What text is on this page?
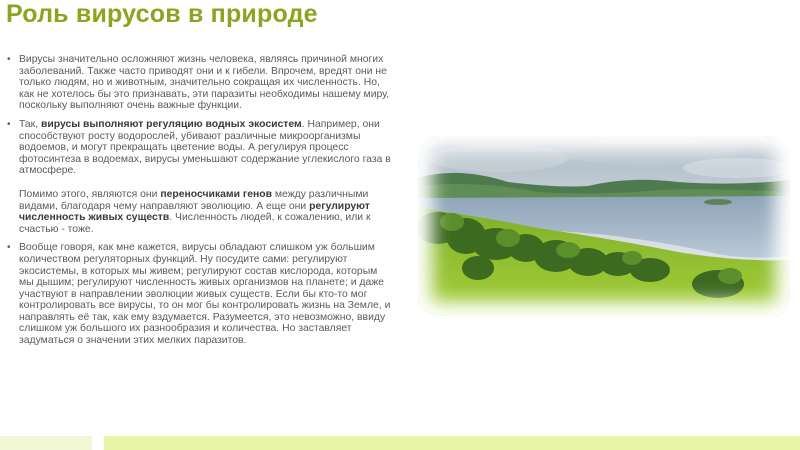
Роль вирусов в природе
• Вирусы значительно осложняют жизнь человека, являясь причиной многих заболеваний. Также часто приводят они и к гибели. Впрочем, вредят они не только людям, но и животным, значительно сокращая их численность. Но, как не хотелось бы это признавать, эти паразиты необходимы нашему миру, поскольку выполняют очень важные функции.

• Так, вирусы выполняют регуляцию водных экосистем. Например, они способствуют росту водорослей, убивают различные микроорганизмы водоемов, и могут прекращать цветение воды. А регулируя процесс фотосинтеза в водоемах, вирусы уменьшают содержание углекислого газа в атмосфере.

Помимо этого, являются они переносчиками генов между различными видами, благодаря чему направляют эволюцию. А еще они регулируют численность живых существ. Численность людей, к сожалению, или к счастью - тоже.

• Вообще говоря, как мне кажется, вирусы обладают слишком уж большим количеством регуляторных функций. Ну посудите сами: регулируют экосистемы, в которых мы живем; регулируют состав кислорода, которым мы дышим; регулируют численность живых организмов на планете; и даже участвуют в направлении эволюции живых существ. Если бы кто-то мог контролировать все вирусы, то он мог бы контролировать жизнь на Земле, и направлять её так, как ему вздумается. Разумеется, это невозможно, ввиду слишком уж большого их разнообразия и количества. Но заставляет задуматься о значении этих мелких паразитов.
